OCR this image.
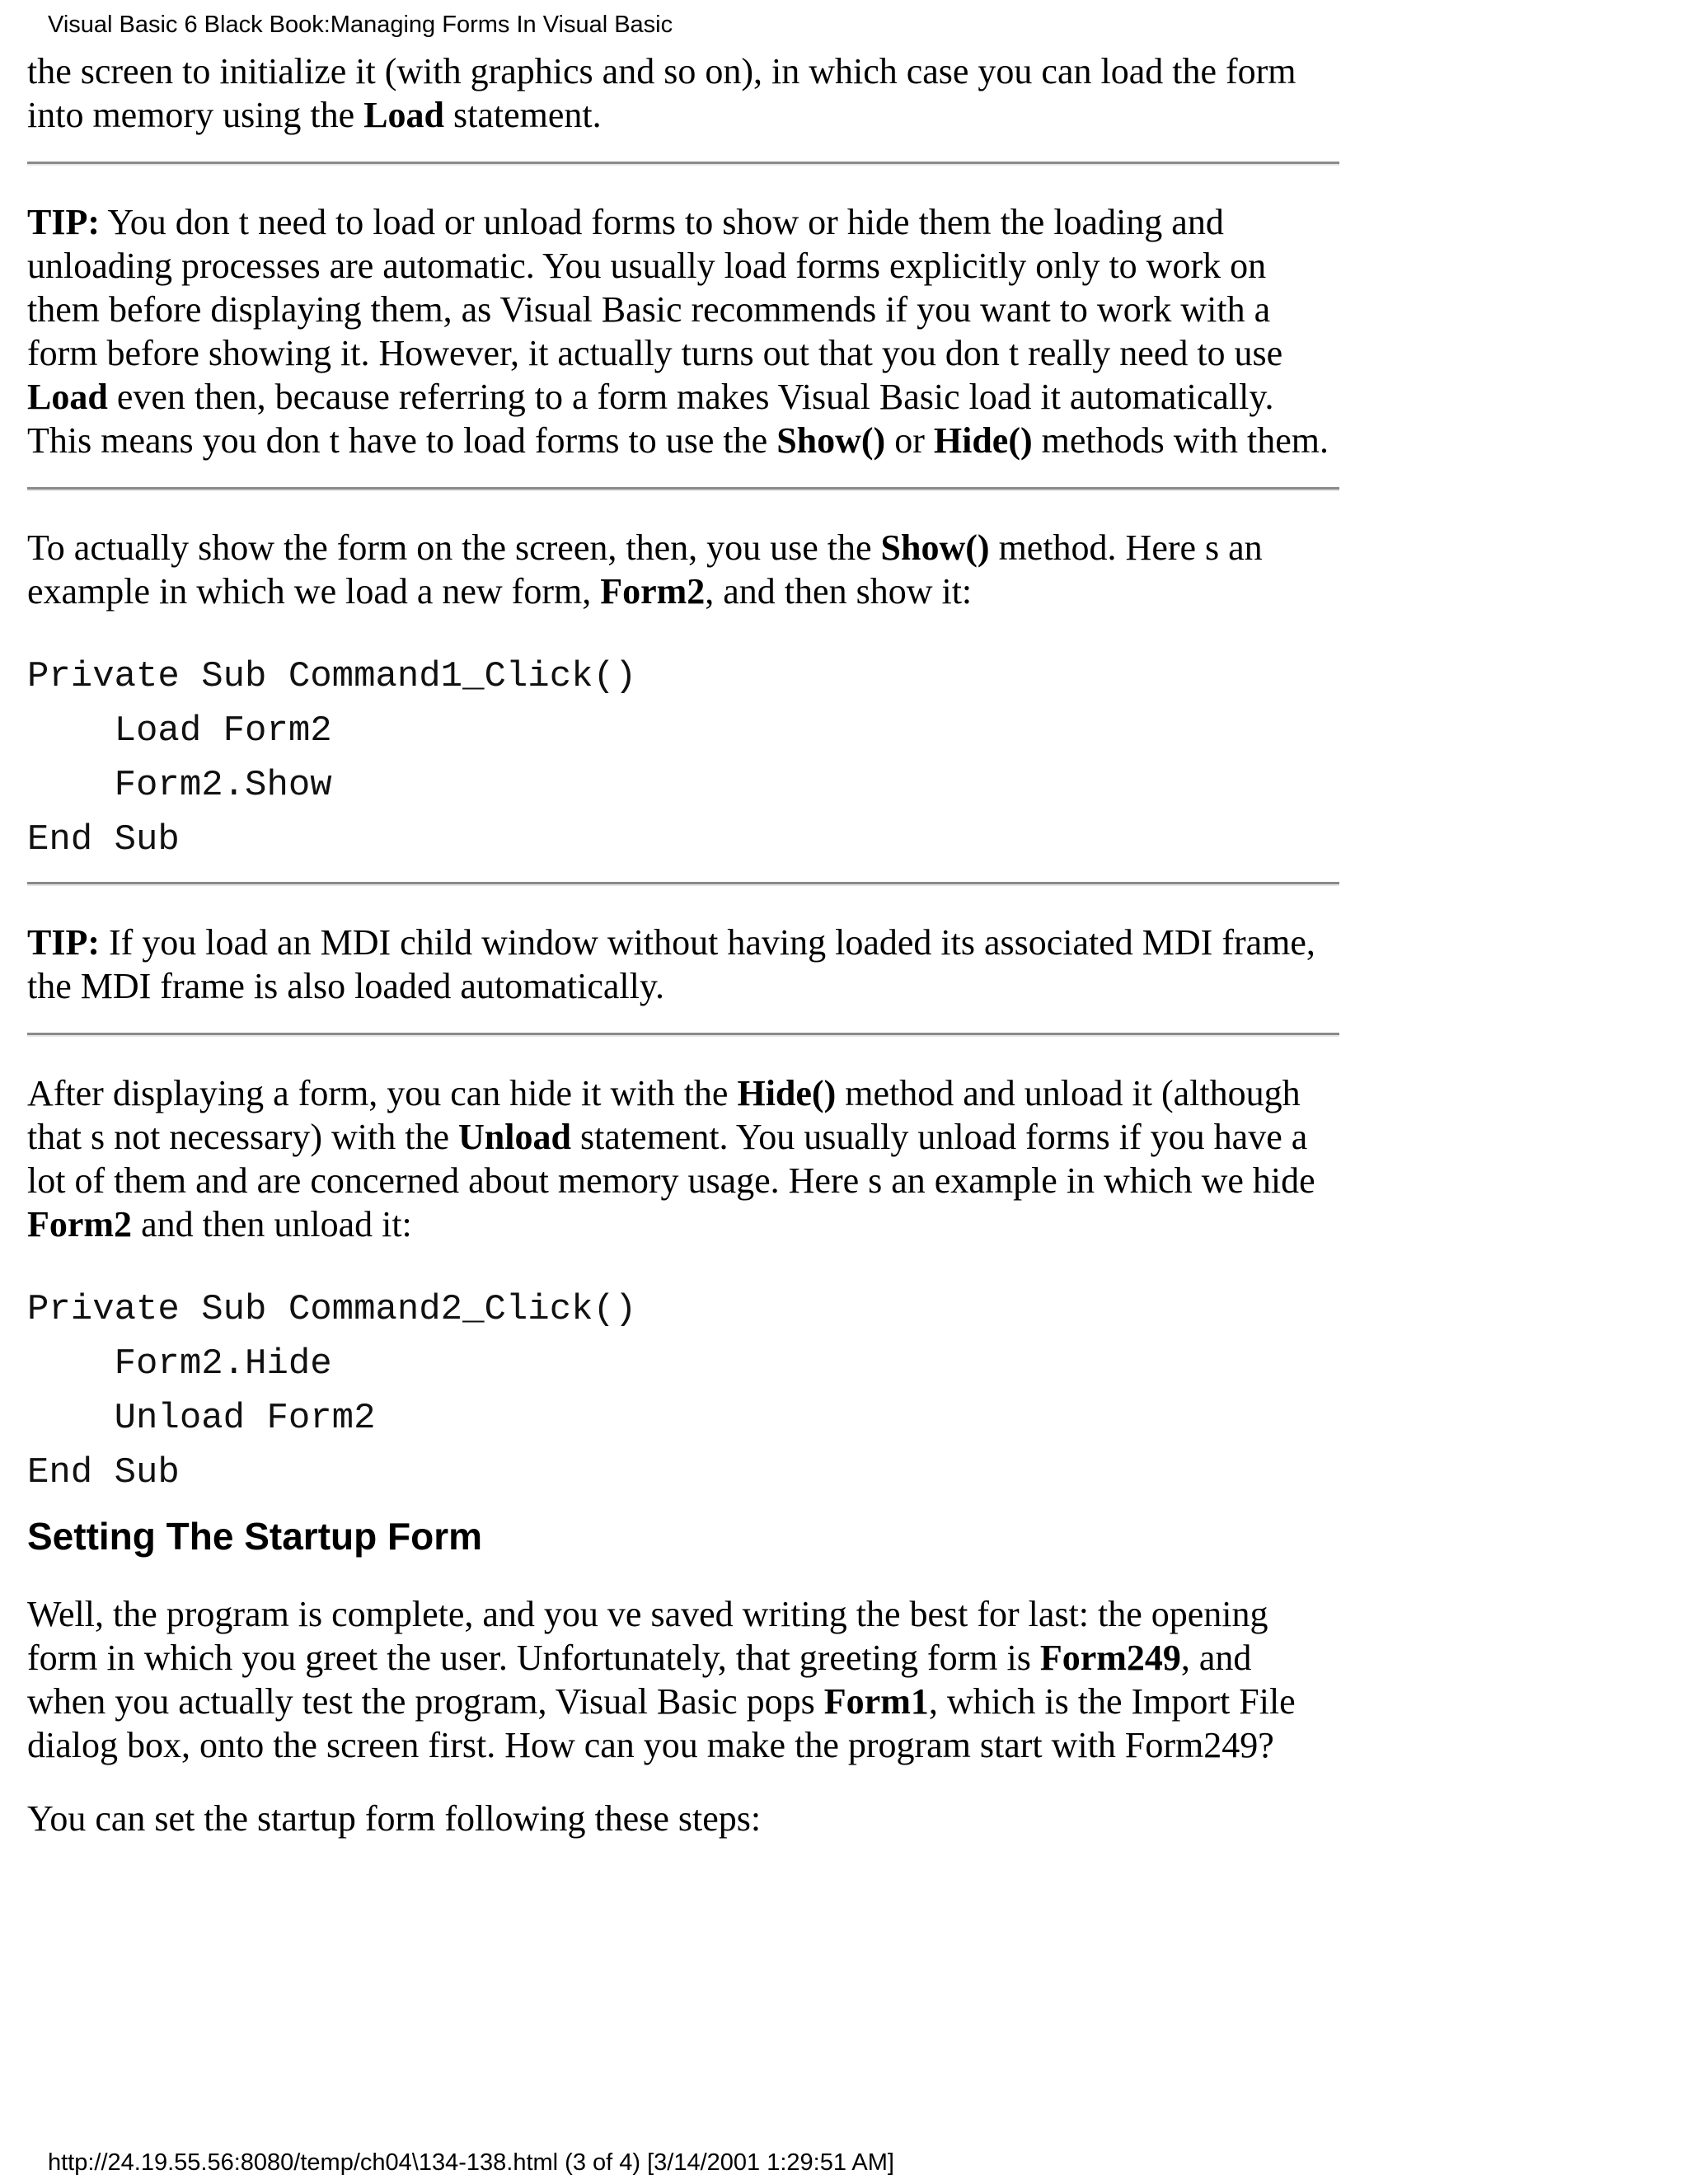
Visual Basic 6 Black Book:Managing Forms In Visual Basic

the screen to initialize it (with graphics and so on), in which case you can load the form into memory using the Load statement.

TIP: You don t need to load or unload forms to show or hide them the loading and unloading processes are automatic. You usually load forms explicitly only to work on them before displaying them, as Visual Basic recommends if you want to work with a form before showing it. However, it actually turns out that you don t really need to use Load even then, because referring to a form makes Visual Basic load it automatically. This means you don t have to load forms to use the Show() or Hide() methods with them.

To actually show the form on the screen, then, you use the Show() method. Here s an example in which we load a new form, Form2, and then show it:

Private Sub Command1_Click()
Load Form2
Form2.Show
End Sub

TIP: If you load an MDI child window without having loaded its associated MDI frame, the MDI frame is also loaded automatically.

After displaying a form, you can hide it with the Hide() method and unload it (although that s not necessary) with the Unload statement. You usually unload forms if you have a lot of them and are concerned about memory usage. Here s an example in which we hide Form2 and then unload it:

Private Sub Command2_Click()
Form2.Hide
Unload Form2
End Sub
Setting The Startup Form

Well, the program is complete, and you ve saved writing the best for last: the opening form in which you greet the user. Unfortunately, that greeting form is Form249, and when you actually test the program, Visual Basic pops Form1, which is the Import File dialog box, onto the screen first. How can you make the program start with Form249?

You can set the startup form following these steps:

http://24.19.55.56:8080/temp/ch04\134-138.html (3 of 4) [3/14/2001 1:29:51 AM]
